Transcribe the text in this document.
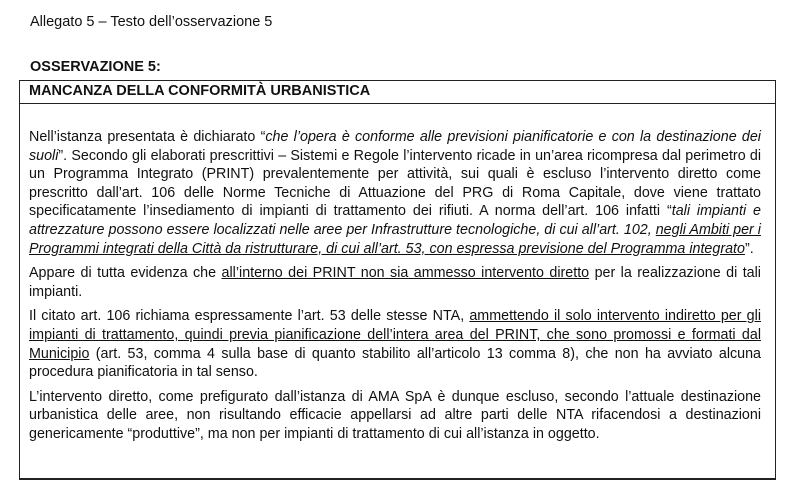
Allegato 5 – Testo dell’osservazione 5
OSSERVAZIONE 5:
MANCANZA DELLA CONFORMITÀ URBANISTICA

Nell’istanza presentata è dichiarato “che l’opera è conforme alle previsioni pianificatorie e con la destinazione dei suoli”. Secondo gli elaborati prescrittivi – Sistemi e Regole l’intervento ricade in un’area ricompresa dal perimetro di un Programma Integrato (PRINT) prevalentemente per attività, sui quali è escluso l’intervento diretto come prescritto dall’art. 106 delle Norme Tecniche di Attuazione del PRG di Roma Capitale, dove viene trattato specificatamente l’insediamento di impianti di trattamento dei rifiuti. A norma dell’art. 106 infatti “tali impianti e attrezzature possono essere localizzati nelle aree per Infrastrutture tecnologiche, di cui all’art. 102, negli Ambiti per i Programmi integrati della Città da ristrutturare, di cui all’art. 53, con espressa previsione del Programma integrato”.

Appare di tutta evidenza che all’interno dei PRINT non sia ammesso intervento diretto per la realizzazione di tali impianti.

Il citato art. 106 richiama espressamente l’art. 53 delle stesse NTA, ammettendo il solo intervento indiretto per gli impianti di trattamento, quindi previa pianificazione dell’intera area del PRINT, che sono promossi e formati dal Municipio (art. 53, comma 4 sulla base di quanto stabilito all’articolo 13 comma 8), che non ha avviato alcuna procedura pianificatoria in tal senso.

L’intervento diretto, come prefigurato dall’istanza di AMA SpA è dunque escluso, secondo l’attuale destinazione urbanistica delle aree, non risultando efficacie appellarsi ad altre parti delle NTA rifacendosi a destinazioni genericamente “produttive”, ma non per impianti di trattamento di cui all’istanza in oggetto.
